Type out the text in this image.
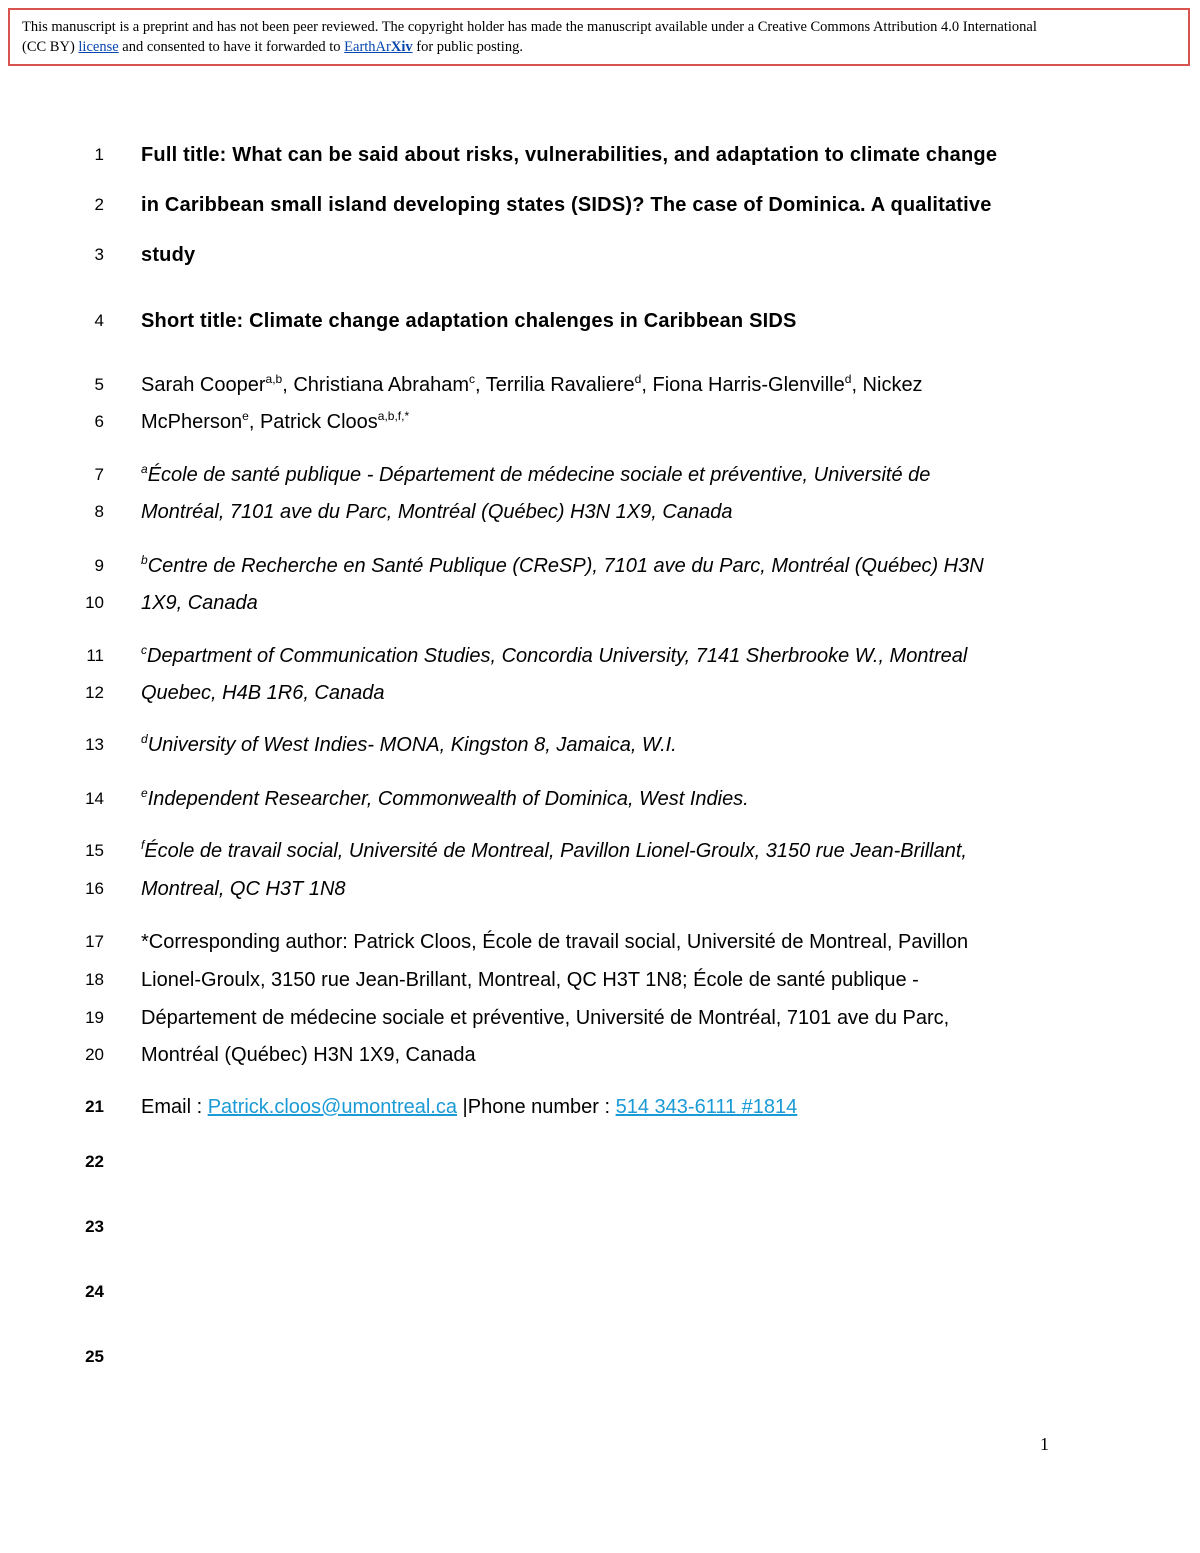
This manuscript is a preprint and has not been peer reviewed. The copyright holder has made the manuscript available under a Creative Commons Attribution 4.0 International
(CC BY) license and consented to have it forwarded to EarthArXiv for public posting.
1
2
3
4
5
6
7
8
9
10
11
12
13
14
15
16
17
18
19
20
21
22
23
24
25
Full title: What can be said about risks, vulnerabilities, and adaptation to climate change
in Caribbean small island developing states (SIDS)? The case of Dominica. A qualitative
study
Short title: Climate change adaptation chalenges in Caribbean SIDS
Sarah Cooper$^{a,b}$, Christiana Abraham$^c$, Terrilia Ravaliere$^d$, Fiona Harris-Glenville$^d$, Nickez
McPherson$^e$, Patrick Cloos$^{a,b,f,*}$
$^a$École de santé publique - Département de médecine sociale et préventive, Université de
Montréal, 7101 ave du Parc, Montréal (Québec) H3N 1X9, Canada
$^b$Centre de Recherche en Santé Publique (CReSP), 7101 ave du Parc, Montréal (Québec) H3N
1X9, Canada
$^c$Department of Communication Studies, Concordia University, 7141 Sherbrooke W., Montreal
Quebec, H4B 1R6, Canada
$^d$University of West Indies- MONA, Kingston 8, Jamaica, W.I.
$^e$Independent Researcher, Commonwealth of Dominica, West Indies.
$^f$École de travail social, Université de Montreal, Pavillon Lionel-Groulx, 3150 rue Jean-Brillant,
Montreal, QC H3T 1N8
*Corresponding author: Patrick Cloos, École de travail social, Université de Montreal, Pavillon
Lionel-Groulx, 3150 rue Jean-Brillant, Montreal, QC H3T 1N8; École de santé publique -
Département de médecine sociale et préventive, Université de Montréal, 7101 ave du Parc,
Montréal (Québec) H3N 1X9, Canada
Email : Patrick.cloos@umontreal.ca |Phone number : 514 343-6111 #1814
1
